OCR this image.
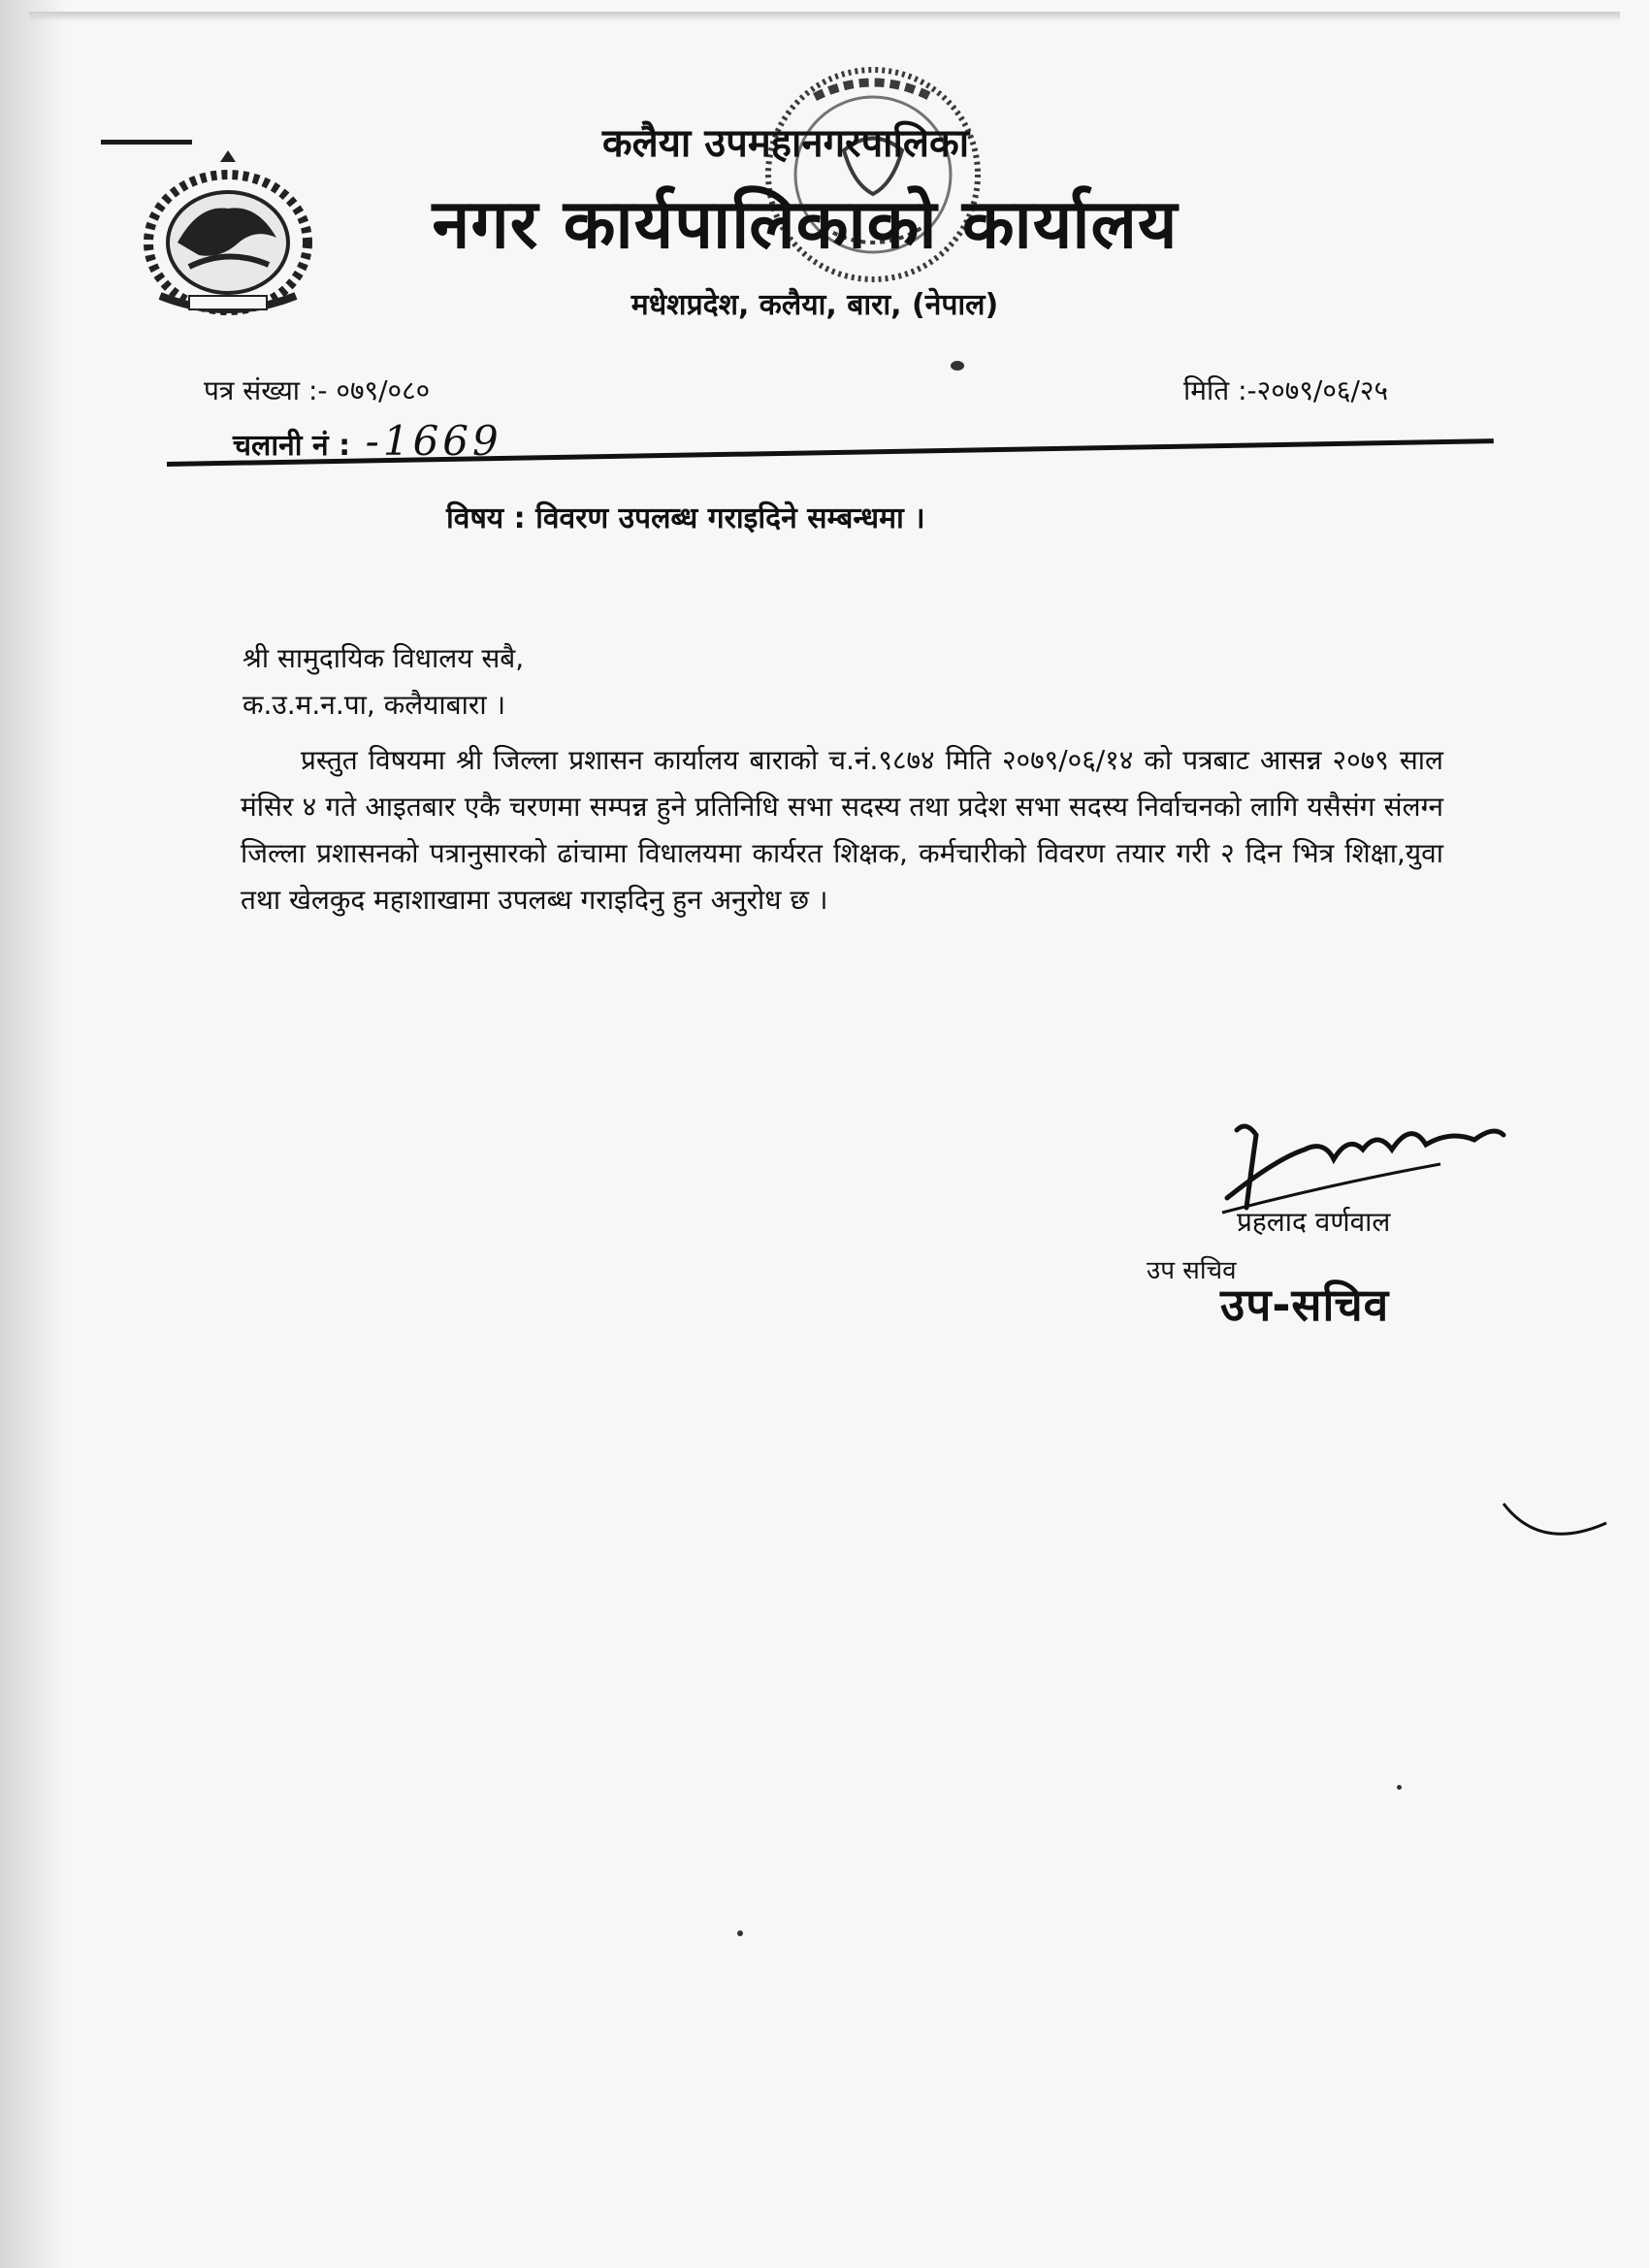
कलैया उपमहानगरपालिका
नगर कार्यपालिकाको कार्यालय
मधेशप्रदेश, कलैया, बारा, (नेपाल)
पत्र संख्या :- ०७९/०८०	मिति :-२०७९/०६/२५
चलानी नं : -1669
विषय : विवरण उपलब्ध गराइदिने सम्बन्धमा ।
श्री सामुदायिक विधालय सबै,
क.उ.म.न.पा, कलैयाबारा ।

प्रस्तुत विषयमा श्री जिल्ला प्रशासन कार्यालय बाराको च.नं.९८७४ मिति २०७९/०६/१४ को पत्रबाट आसन्न २०७९ साल मंसिर ४ गते आइतबार एकै चरणमा सम्पन्न हुने प्रतिनिधि सभा सदस्य तथा प्रदेश सभा सदस्य निर्वाचनको लागि यसैसंग संलग्न जिल्ला प्रशासनको पत्रानुसारको ढांचामा विधालयमा कार्यरत शिक्षक, कर्मचारीको विवरण तयार गरी २ दिन भित्र शिक्षा,युवा तथा खेलकुद महाशाखामा उपलब्ध गराइदिनु हुन अनुरोध छ ।

प्रहलाद वर्णवाल
उप सचिव
उप-सचिव
